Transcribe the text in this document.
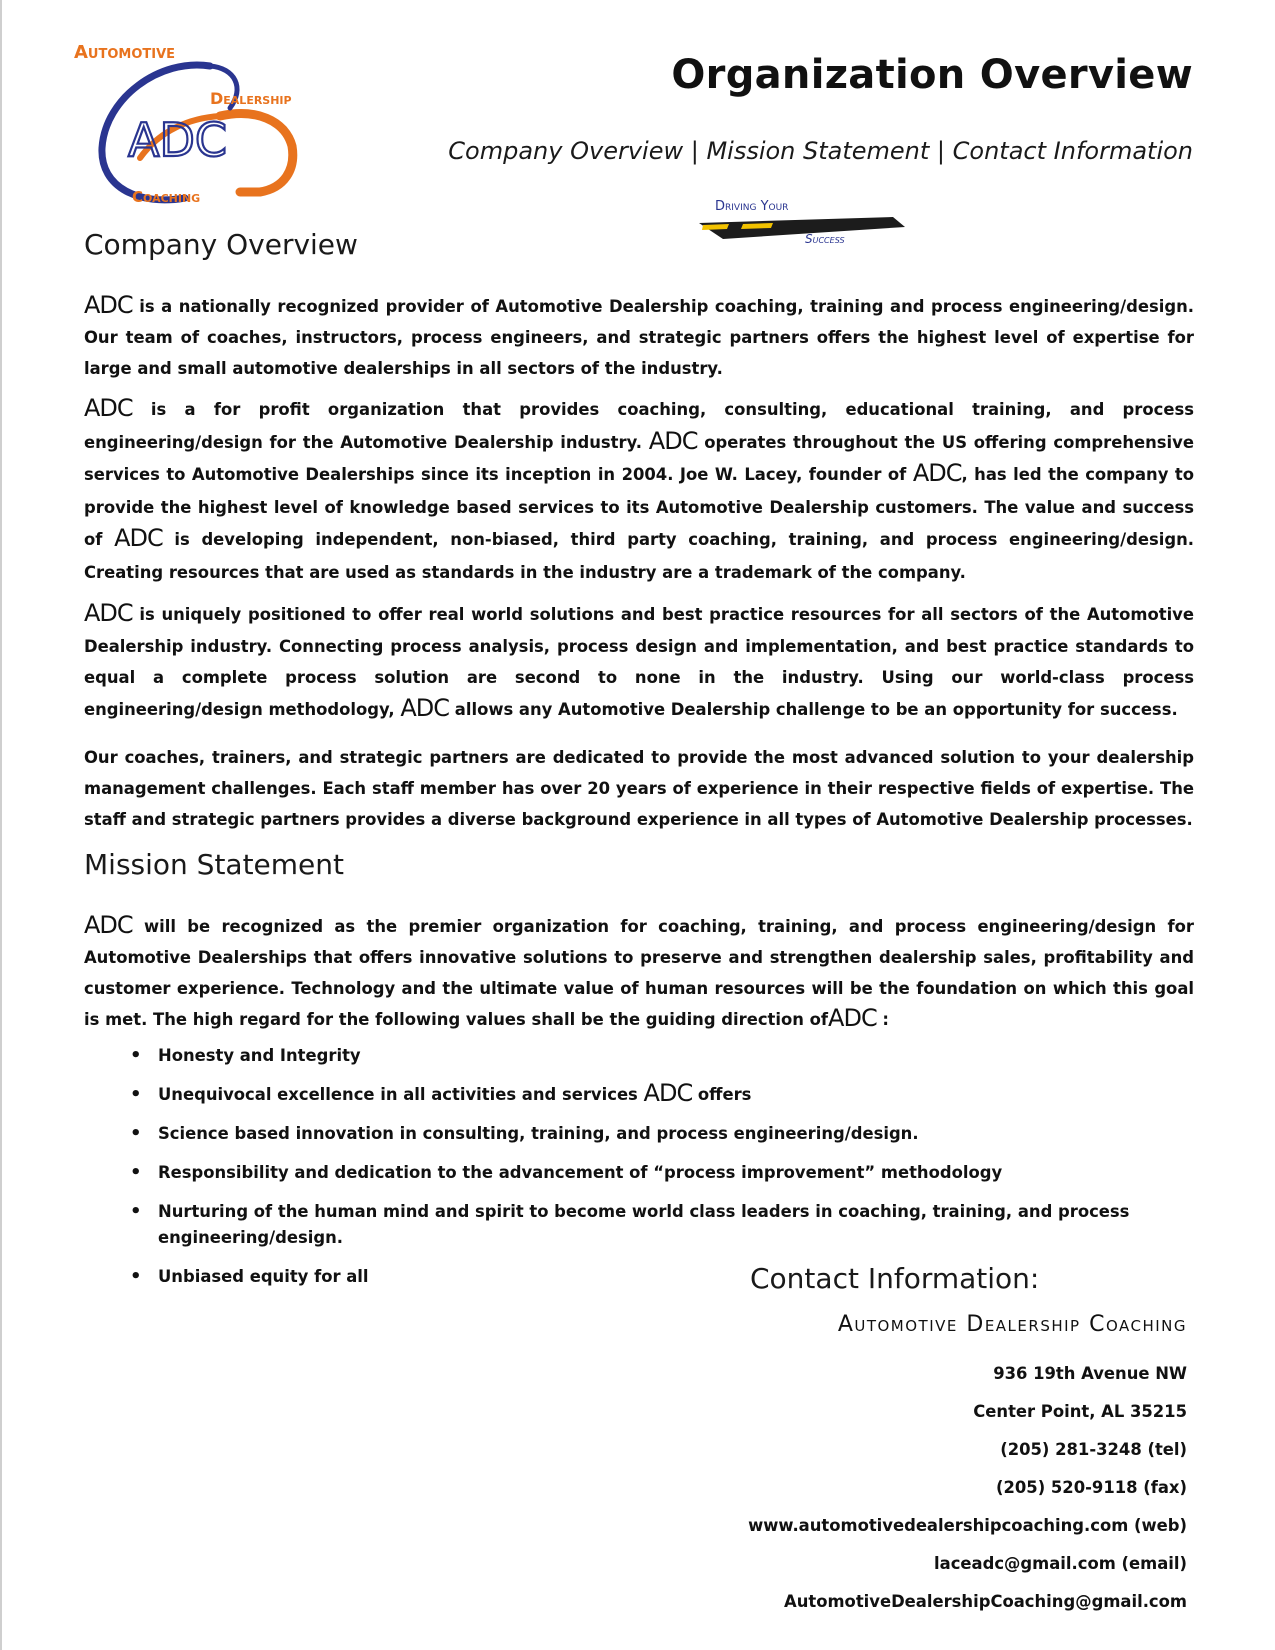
ADC
Automotive
Dealership
Coaching
Organization Overview
Company Overview | Mission Statement | Contact Information
Driving Your
Success
Company Overview

ADC is a nationally recognized provider of Automotive Dealership coaching, training and process engineering/design. Our team of coaches, instructors, process engineers, and strategic partners offers the highest level of expertise for large and small automotive dealerships in all sectors of the industry.

ADC is a for profit organization that provides coaching, consulting, educational training, and process engineering/design for the Automotive Dealership industry. ADC operates throughout the US offering comprehensive services to Automotive Dealerships since its inception in 2004. Joe W. Lacey, founder of ADC, has led the company to provide the highest level of knowledge based services to its Automotive Dealership customers. The value and success of ADC is developing independent, non-biased, third party coaching, training, and process engineering/design. Creating resources that are used as standards in the industry are a trademark of the company.

ADC is uniquely positioned to offer real world solutions and best practice resources for all sectors of the Automotive Dealership industry. Connecting process analysis, process design and implementation, and best practice standards to equal a complete process solution are second to none in the industry. Using our world-class process engineering/design methodology, ADC allows any Automotive Dealership challenge to be an opportunity for success.

Our coaches, trainers, and strategic partners are dedicated to provide the most advanced solution to your dealership management challenges. Each staff member has over 20 years of experience in their respective fields of expertise. The staff and strategic partners provides a diverse background experience in all types of Automotive Dealership processes.

Mission Statement

ADC will be recognized as the premier organization for coaching, training, and process engineering/design for Automotive Dealerships that offers innovative solutions to preserve and strengthen dealership sales, profitability and customer experience. Technology and the ultimate value of human resources will be the foundation on which this goal is met. The high regard for the following values shall be the guiding direction ofADC :

• Honesty and Integrity
• Unequivocal excellence in all activities and services ADC offers
• Science based innovation in consulting, training, and process engineering/design.
• Responsibility and dedication to the advancement of “process improvement” methodology
• Nurturing of the human mind and spirit to become world class leaders in coaching, training, and process engineering/design.
• Unbiased equity for all	Contact Information:
Automotive Dealership Coaching
936 19th Avenue NW
Center Point, AL 35215
(205) 281-3248 (tel)
(205) 520-9118 (fax)
www.automotivedealershipcoaching.com (web)
laceadc@gmail.com (email)
AutomotiveDealershipCoaching@gmail.com
